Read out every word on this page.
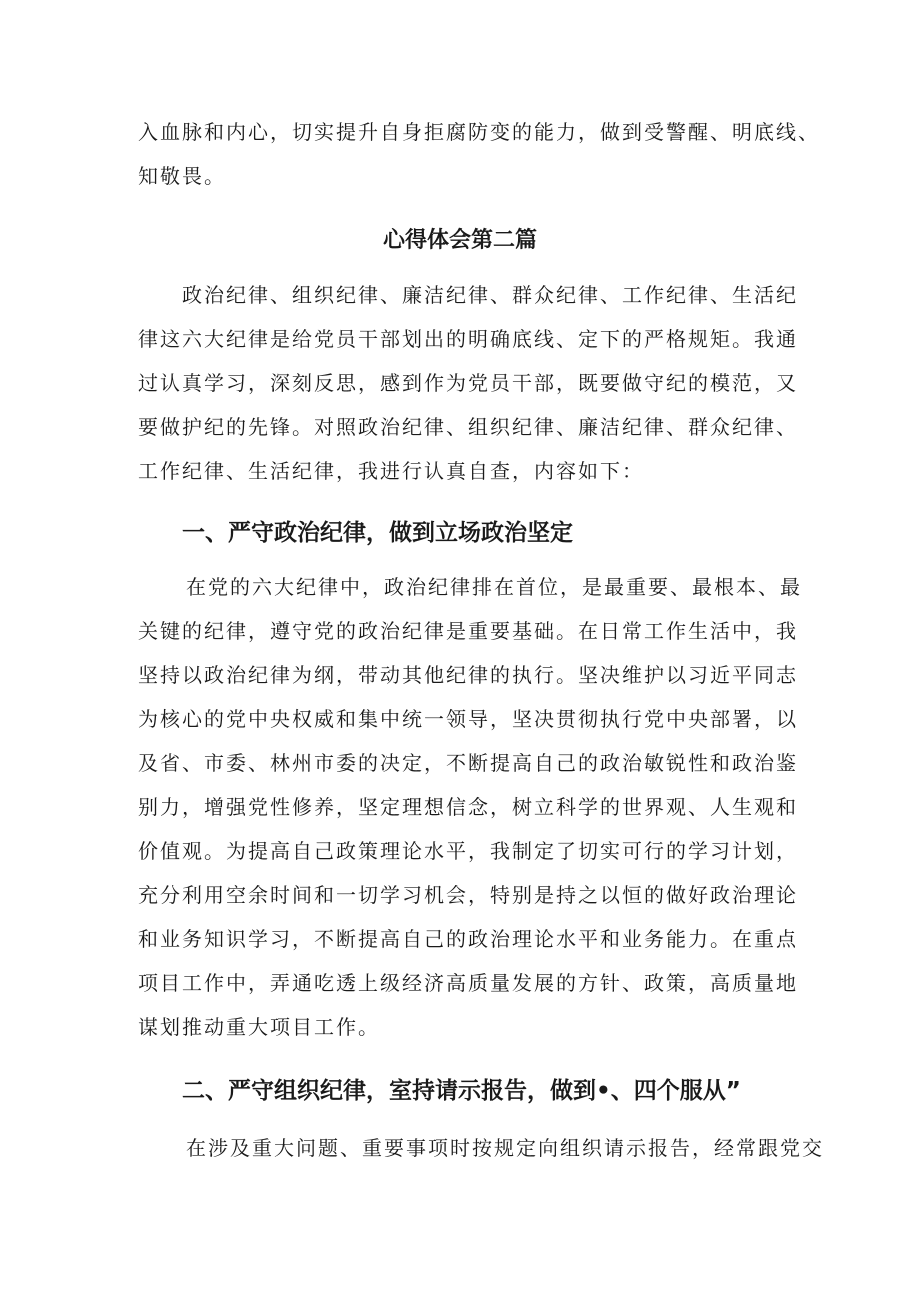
入血脉和内心，切实提升自身拒腐防变的能力，做到受警醒、明底线、

知敬畏。

心得体会第二篇

政治纪律、组织纪律、廉洁纪律、群众纪律、工作纪律、生活纪

律这六大纪律是给党员干部划出的明确底线、定下的严格规矩。我通

过认真学习，深刻反思，感到作为党员干部，既要做守纪的模范，又

要做护纪的先锋。对照政治纪律、组织纪律、廉洁纪律、群众纪律、

工作纪律、生活纪律，我进行认真自查，内容如下：

一、严守政治纪律，做到立场政治坚定

在党的六大纪律中，政治纪律排在首位，是最重要、最根本、最

关键的纪律，遵守党的政治纪律是重要基础。在日常工作生活中，我

坚持以政治纪律为纲，带动其他纪律的执行。坚决维护以习近平同志

为核心的党中央权威和集中统一领导，坚决贯彻执行党中央部署，以

及省、市委、林州市委的决定，不断提高自己的政治敏锐性和政治鉴

别力，增强党性修养，坚定理想信念，树立科学的世界观、人生观和

价值观。为提高自己政策理论水平，我制定了切实可行的学习计划，

充分利用空余时间和一切学习机会，特别是持之以恒的做好政治理论

和业务知识学习，不断提高自己的政治理论水平和业务能力。在重点

项目工作中，弄通吃透上级经济高质量发展的方针、政策，高质量地

谋划推动重大项目工作。

二、严守组织纪律，室持请示报告，做到•、四个服从”

在涉及重大问题、重要事项时按规定向组织请示报告，经常跟党交
